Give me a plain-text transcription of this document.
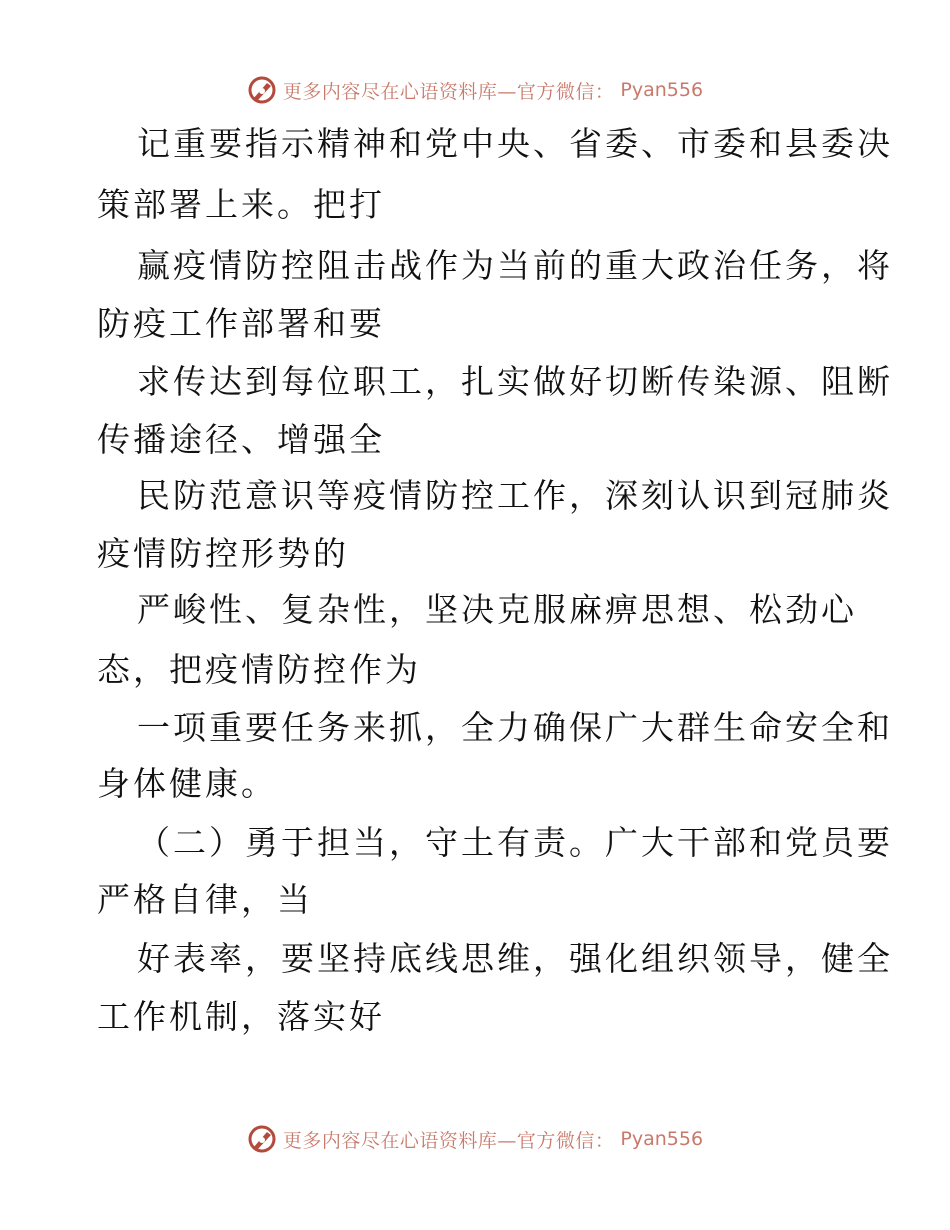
更多内容尽在心语资料库—官方微信： Pyan556
记重要指示精神和党中央、省委、市委和县委决
策部署上来。把打
赢疫情防控阻击战作为当前的重大政治任务，将
防疫工作部署和要
求传达到每位职工，扎实做好切断传染源、阻断
传播途径、增强全
民防范意识等疫情防控工作，深刻认识到冠肺炎
疫情防控形势的
严峻性、复杂性，坚决克服麻痹思想、松劲心
态，把疫情防控作为
一项重要任务来抓，全力确保广大群生命安全和
身体健康。
（二）勇于担当，守土有责。广大干部和党员要
严格自律，当
好表率，要坚持底线思维，强化组织领导，健全
工作机制，落实好
更多内容尽在心语资料库—官方微信： Pyan556
